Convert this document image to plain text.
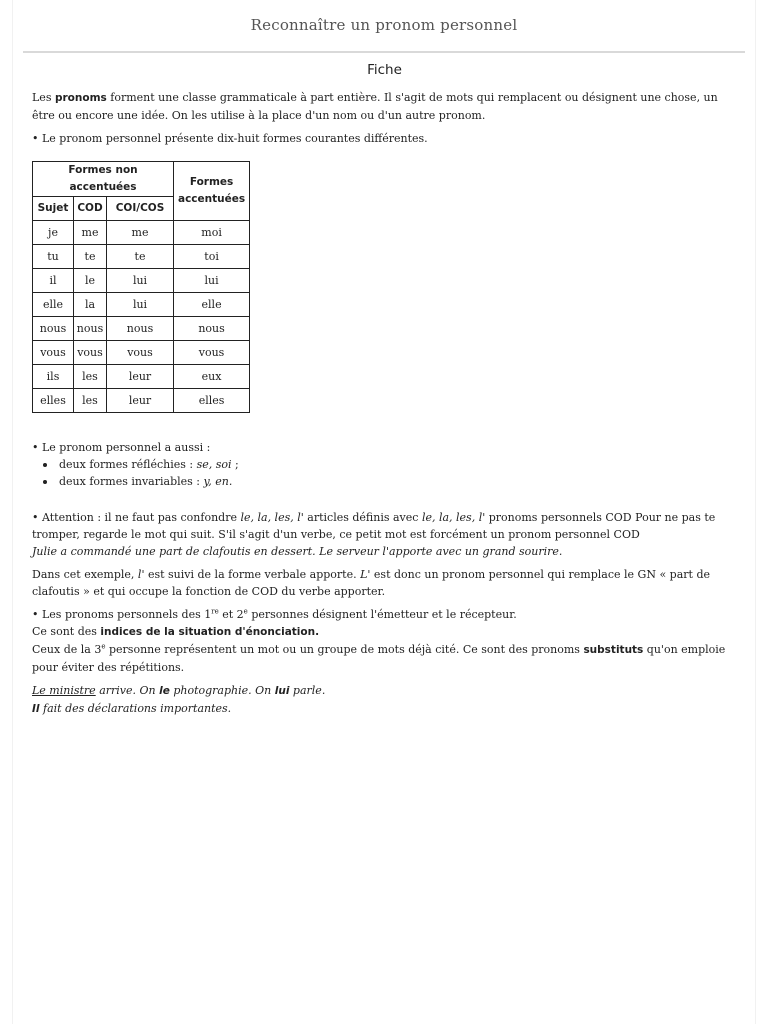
Reconnaître un pronom personnel
Fiche

Les pronoms forment une classe grammaticale à part entière. Il s'agit de mots qui remplacent ou désignent une chose, un être ou encore une idée. On les utilise à la place d'un nom ou d'un autre pronom.

• Le pronom personnel présente dix-huit formes courantes différentes.

Formes non accentuées			Formes accentuées
Sujet	COD	COI/COS	
je	me	me	moi
tu	te	te	toi
il	le	lui	lui
elle	la	lui	elle
nous	nous	nous	nous
vous	vous	vous	vous
ils	les	leur	eux
elles	les	leur	elles

• Le pronom personnel a aussi :

deux formes réfléchies : se, soi ;
deux formes invariables : y, en.

• Attention : il ne faut pas confondre le, la, les, l' articles définis avec le, la, les, l' pronoms personnels COD Pour ne pas te tromper, regarde le mot qui suit. S'il s'agit d'un verbe, ce petit mot est forcément un pronom personnel COD

Julie a commandé une part de clafoutis en dessert. Le serveur l'apporte avec un grand sourire.

Dans cet exemple, l' est suivi de la forme verbale apporte. L' est donc un pronom personnel qui remplace le GN « part de clafoutis » et qui occupe la fonction de COD du verbe apporter.

• Les pronoms personnels des 1re et 2e personnes désignent l'émetteur et le récepteur.

Ce sont des indices de la situation d'énonciation.

Ceux de la 3e personne représentent un mot ou un groupe de mots déjà cité. Ce sont des pronoms substituts qu'on emploie pour éviter des répétitions.

Le ministre arrive. On le photographie. On lui parle.

Il fait des déclarations importantes.
